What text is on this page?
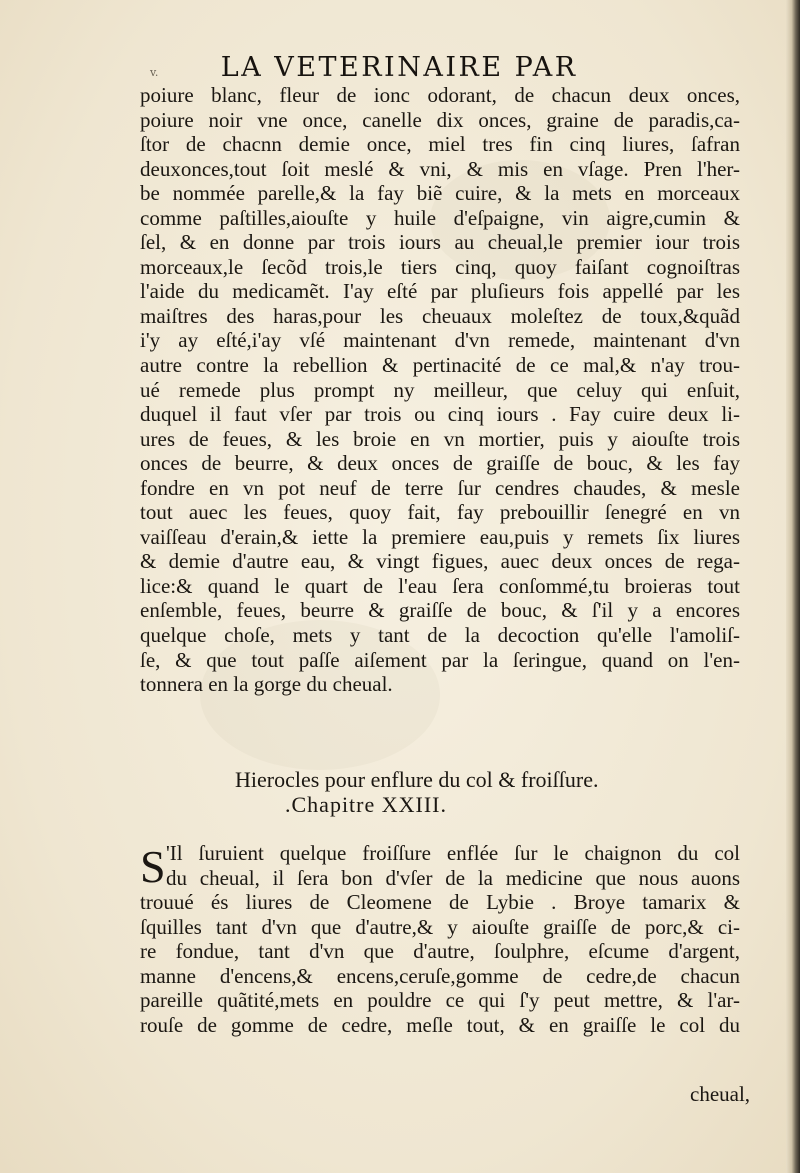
v.	LA VETERINAIRE PAR
poiure blanc, fleur de ionc odorant, de chacun deux onces,
poiure noir vne once, canelle dix onces, graine de paradis,ca-
ſtor de chacnn demie once, miel tres fin cinq liures, ſafran
deuxonces,tout ſoit meslé & vni, & mis en vſage. Pren l'her-
be nommée parelle,& la fay biẽ cuire, & la mets en morceaux
comme paſtilles,aiouſte y huile d'eſpaigne, vin aigre,cumin &
ſel, & en donne par trois iours au cheual,le premier iour trois
morceaux,le ſecõd trois,le tiers cinq, quoy faiſant cognoiſtras
l'aide du medicamẽt. I'ay eſté par pluſieurs fois appellé par les
maiſtres des haras,pour les cheuaux moleſtez de toux,&quãd
i'y ay eſté,i'ay vſé maintenant d'vn remede, maintenant d'vn
autre contre la rebellion & pertinacité de ce mal,& n'ay trou-
ué remede plus prompt ny meilleur, que celuy qui enſuit,
duquel il faut vſer par trois ou cinq iours . Fay cuire deux li-
ures de feues, & les broie en vn mortier, puis y aiouſte trois
onces de beurre, & deux onces de graiſſe de bouc, & les fay
fondre en vn pot neuf de terre ſur cendres chaudes, & mesle
tout auec les feues, quoy fait, fay prebouillir ſenegré en vn
vaiſſeau d'erain,& iette la premiere eau,puis y remets ſix liures
& demie d'autre eau, & vingt figues, auec deux onces de rega-
lice:& quand le quart de l'eau ſera conſommé,tu broieras tout
enſemble, feues, beurre & graiſſe de bouc, & ſ'il y a encores
quelque choſe, mets y tant de la decoction qu'elle l'amoliſ-
ſe, & que tout paſſe aiſement par la ſeringue, quand on l'en-
tonnera en la gorge du cheual.
Hierocles pour enflure du col & froiſſure.
.Chapitre XXIII.
S 'Il ſuruient quelque froiſſure enflée ſur le chaignon du col
du cheual, il ſera bon d'vſer de la medicine que nous auons
trouué és liures de Cleomene de Lybie . Broye tamarix &
ſquilles tant d'vn que d'autre,& y aiouſte graiſſe de porc,& ci-
re fondue, tant d'vn que d'autre, ſoulphre, eſcume d'argent,
manne d'encens,& encens,ceruſe,gomme de cedre,de chacun
pareille quãtité,mets en pouldre ce qui ſ'y peut mettre, & l'ar-
rouſe de gomme de cedre, meſle tout, & en graiſſe le col du
cheual,
